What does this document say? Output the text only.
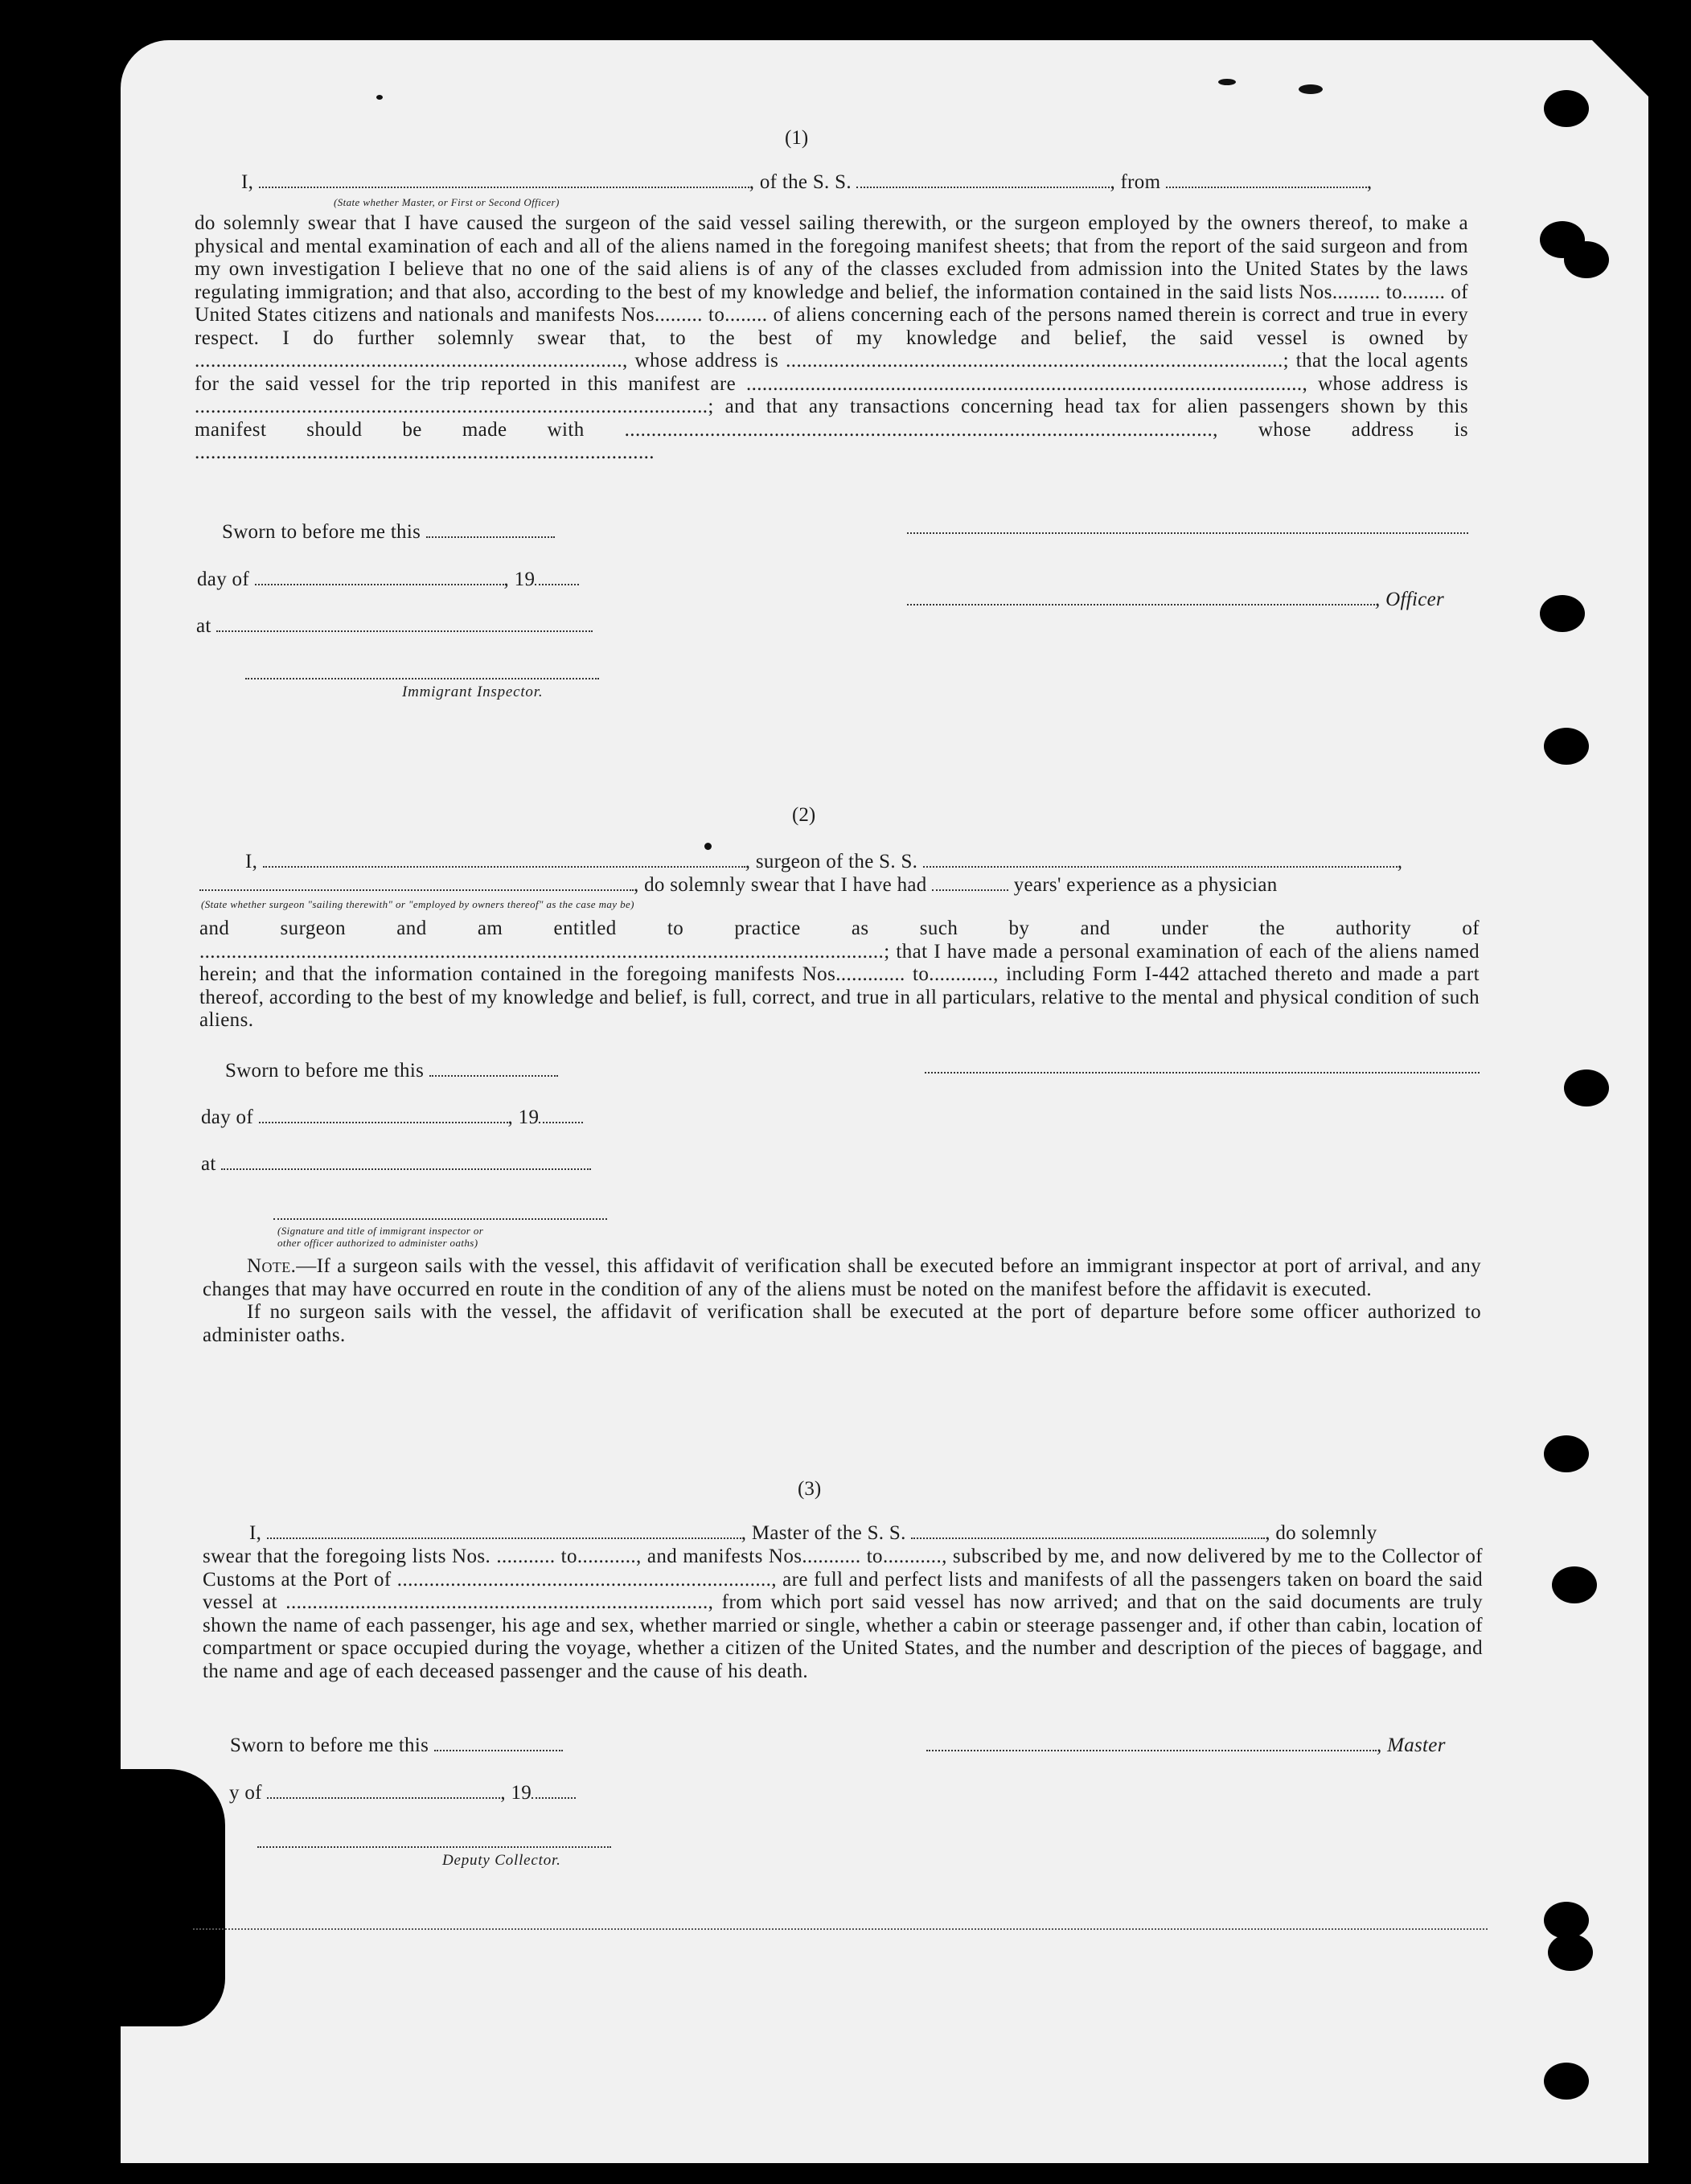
(1)
I,	, of the S. S.	, from	,
(State whether Master, or First or Second Officer)

do solemnly swear that I have caused the surgeon of the said vessel sailing therewith, or the surgeon employed by the owners thereof, to make a physical and mental examination of each and all of the aliens named in the foregoing manifest sheets; that from the report of the said surgeon and from my own investigation I believe that no one of the said aliens is of any of the classes excluded from admission into the United States by the laws regulating immigration; and that also, according to the best of my knowledge and belief, the information contained in the said lists Nos......... to........ of United States citizens and nationals and manifests Nos......... to........ of aliens concerning each of the persons named therein is correct and true in every respect. I do further solemnly swear that, to the best of my knowledge and belief, the said vessel is owned by ................................................................................, whose address is .............................................................................................; that the local agents for the said vessel for the trip reported in this manifest are ........................................................................................................, whose address is ................................................................................................; and that any transactions concerning head tax for alien passengers shown by this manifest should be made with .............................................................................................................., whose address is ......................................................................................

Sworn to before me this
day of	, 19
at
, Officer
Immigrant Inspector.
(2)
I,	, surgeon of the S. S.	,
, do solemnly swear that I have had	years' experience as a physician
(State whether surgeon "sailing therewith" or "employed by owners thereof" as the case may be)

and surgeon and am entitled to practice as such by and under the authority of ................................................................................................................................; that I have made a personal examination of each of the aliens named herein; and that the information contained in the foregoing manifests Nos............. to............, including Form I-442 attached thereto and made a part thereof, according to the best of my knowledge and belief, is full, correct, and true in all particulars, relative to the mental and physical condition of such aliens.

Sworn to before me this
day of	, 19
at
(Signature and title of immigrant inspector or
other officer authorized to administer oaths)

Note.—If a surgeon sails with the vessel, this affidavit of verification shall be executed before an immigrant inspector at port of arrival, and any changes that may have occurred en route in the condition of any of the aliens must be noted on the manifest before the affidavit is executed.

If no surgeon sails with the vessel, the affidavit of verification shall be executed at the port of departure before some officer authorized to administer oaths.

(3)
I,	, Master of the S. S.	, do solemnly

swear that the foregoing lists Nos. ........... to..........., and manifests Nos........... to..........., subscribed by me, and now delivered by me to the Collector of Customs at the Port of ......................................................................, are full and perfect lists and manifests of all the passengers taken on board the said vessel at ..............................................................................., from which port said vessel has now arrived; and that on the said documents are truly shown the name of each passenger, his age and sex, whether married or single, whether a cabin or steerage passenger and, if other than cabin, location of compartment or space occupied during the voyage, whether a citizen of the United States, and the number and description of the pieces of baggage, and the name and age of each deceased passenger and the cause of his death.

Sworn to before me this	, Master
y of	, 19
Deputy Collector.
